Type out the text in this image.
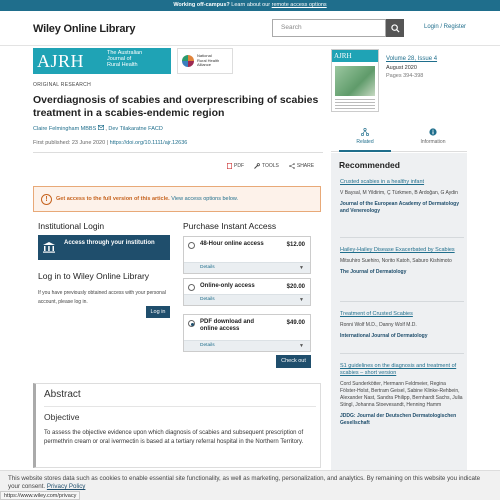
Working off-campus? Learn about our remote access options
Wiley Online Library	Search	Login / Register
AJRH	The Australian
Journal of
Rural Health
National
Rural Health
Alliance
ORIGINAL RESEARCH
Overdiagnosis of scabies and overprescribing of scabies treatment in a scabies-endemic region
Claire Felmingham MBBS , Dev Tilakaratne FACD
First published: 23 June 2020 | https://doi.org/10.1111/ajr.12636
PDF	TOOLS	SHARE
!	Get access to the full version of this article. View access options below.
Institutional Login
Access through your institution
Log in to Wiley Online Library
If you have previously obtained access with your personal account, please log in.
Log in
Purchase Instant Access
48-Hour online access	$12.00
Details	▼
Online-only access	$20.00
Details	▼
PDF download and online access
$49.00
Details	▼
Check out
Abstract
Objective
To assess the objective evidence upon which diagnosis of scabies and subsequent prescription of permethrin cream or oral ivermectin is based at a tertiary referral hospital in the Northern Territory.
AJRH	Volume 28, Issue 4
August 2020
Pages 394-398
Related	Information
Recommended
Crusted scabies in a healthy infant
V Baysal, M Yildirim, Ç Türkmen, B Ardoğan, G Aydin
Journal of the European Academy of Dermatology and Venereology
Hailey-Hailey Disease Exacerbated by Scabies
Mitsuhiro Suehiro, Norito Katoh, Saburo Kishimoto
The Journal of Dermatology
Treatment of Crusted Scabies
Ronni Wolf M.D., Danny Wolf M.D.
International Journal of Dermatology
S1 guidelines on the diagnosis and treatment of scabies – short version
Cord Sunderkötter, Hermann Feldmeier, Regina Fölster-Holst, Bertram Geisel, Sabine Klinke-Rehbein, Alexander Nast, Sandra Philipp, Bernhardt Sachs, Julia Stingl, Johanna Stoevesandt, Henning Hamm
JDDG: Journal der Deutschen Dermatologischen Gesellschaft
This website stores data such as cookies to enable essential site functionality, as well as marketing, personalization, and analytics. By remaining on this website you indicate your consent. Privacy Policy
https://www.wiley.com/privacy
